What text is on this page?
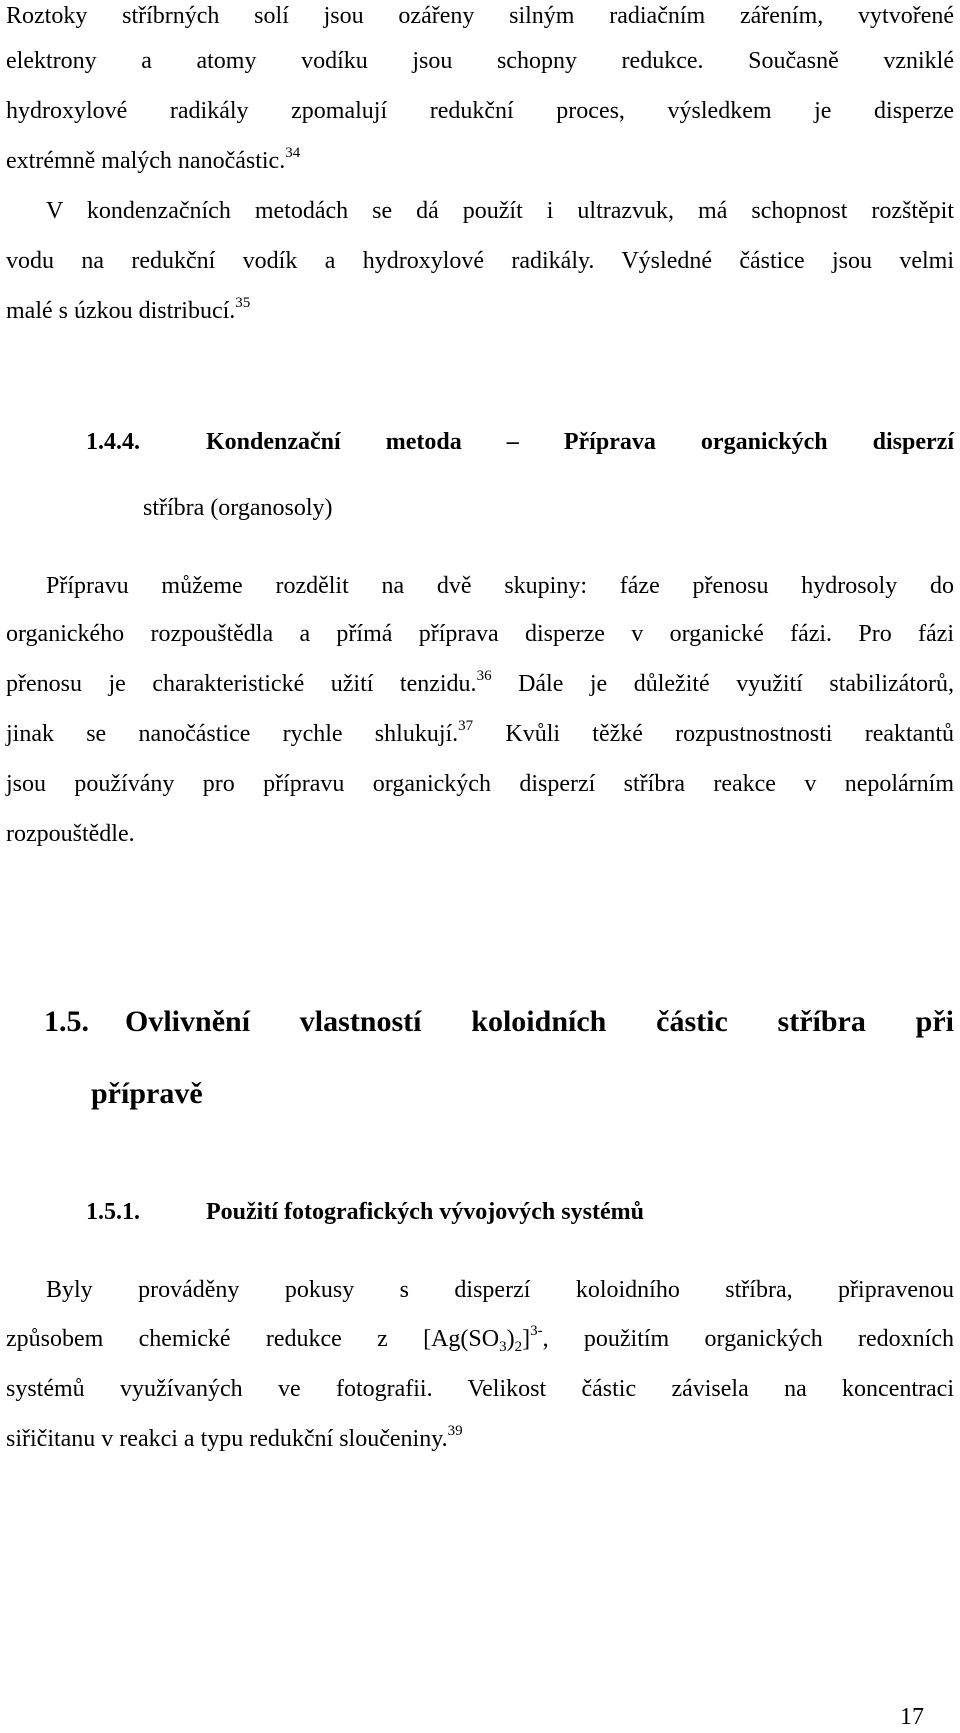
Roztoky stříbrných solí jsou ozářeny silným radiačním zářením, vytvořené
elektrony a atomy vodíku jsou schopny redukce. Současně vzniklé
hydroxylové radikály zpomalují redukční proces, výsledkem je disperze
extrémně malých nanočástic.$^{34}$
V kondenzačních metodách se dá použít i ultrazvuk, má schopnost rozštěpit
vodu na redukční vodík a hydroxylové radikály. Výsledné částice jsou velmi
malé s úzkou distribucí.$^{35}$
1.4.4.	Kondenzační metoda – Příprava organických disperzí
stříbra (organosoly)
Přípravu můžeme rozdělit na dvě skupiny: fáze přenosu hydrosoly do
organického rozpouštědla a přímá příprava disperze v organické fázi. Pro fázi
přenosu je charakteristické užití tenzidu.$^{36}$ Dále je důležité využití stabilizátorů,
jinak se nanočástice rychle shlukují.$^{37}$ Kvůli těžké rozpustnostnosti reaktantů
jsou používány pro přípravu organických disperzí stříbra reakce v nepolárním
rozpouštědle.
1.5. Ovlivnění vlastností koloidních částic stříbra při
přípravě
1.5.1.	Použití fotografických vývojových systémů
Byly prováděny pokusy s disperzí koloidního stříbra, připravenou
způsobem chemické redukce z $[Ag(SO_3)_2]^{3-}$, použitím organických redoxních
systémů využívaných ve fotografii. Velikost částic závisela na koncentraci
siřičitanu v reakci a typu redukční sloučeniny.$^{39}$
17
